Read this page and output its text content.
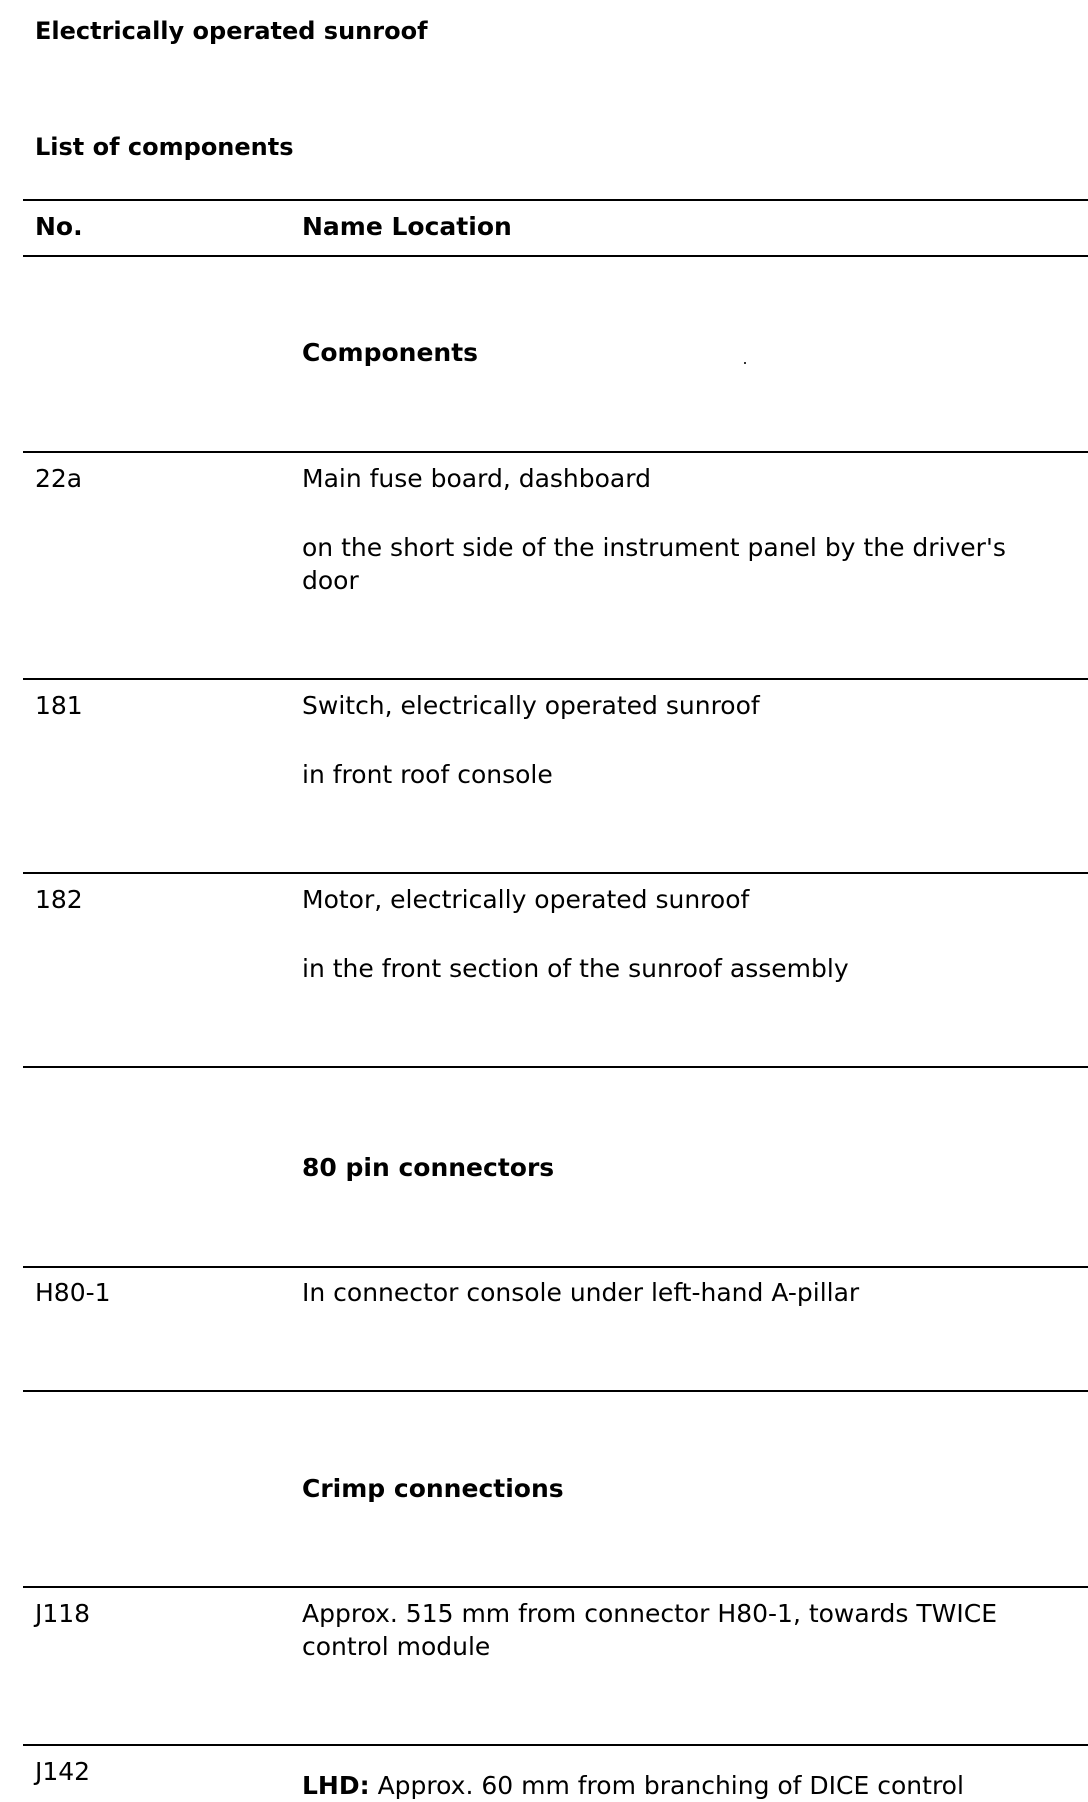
Electrically operated sunroof
List of components
No.	Name Location
Components
22a	Main fuse board, dashboard
on the short side of the instrument panel by the driver's
door
181	Switch, electrically operated sunroof
in front roof console
182	Motor, electrically operated sunroof
in the front section of the sunroof assembly
80 pin connectors
H80-1	In connector console under left-hand A-pillar
Crimp connections
J118	Approx. 515 mm from connector H80-1, towards TWICE
control module
J142	LHD: Approx. 60 mm from branching of DICE control
